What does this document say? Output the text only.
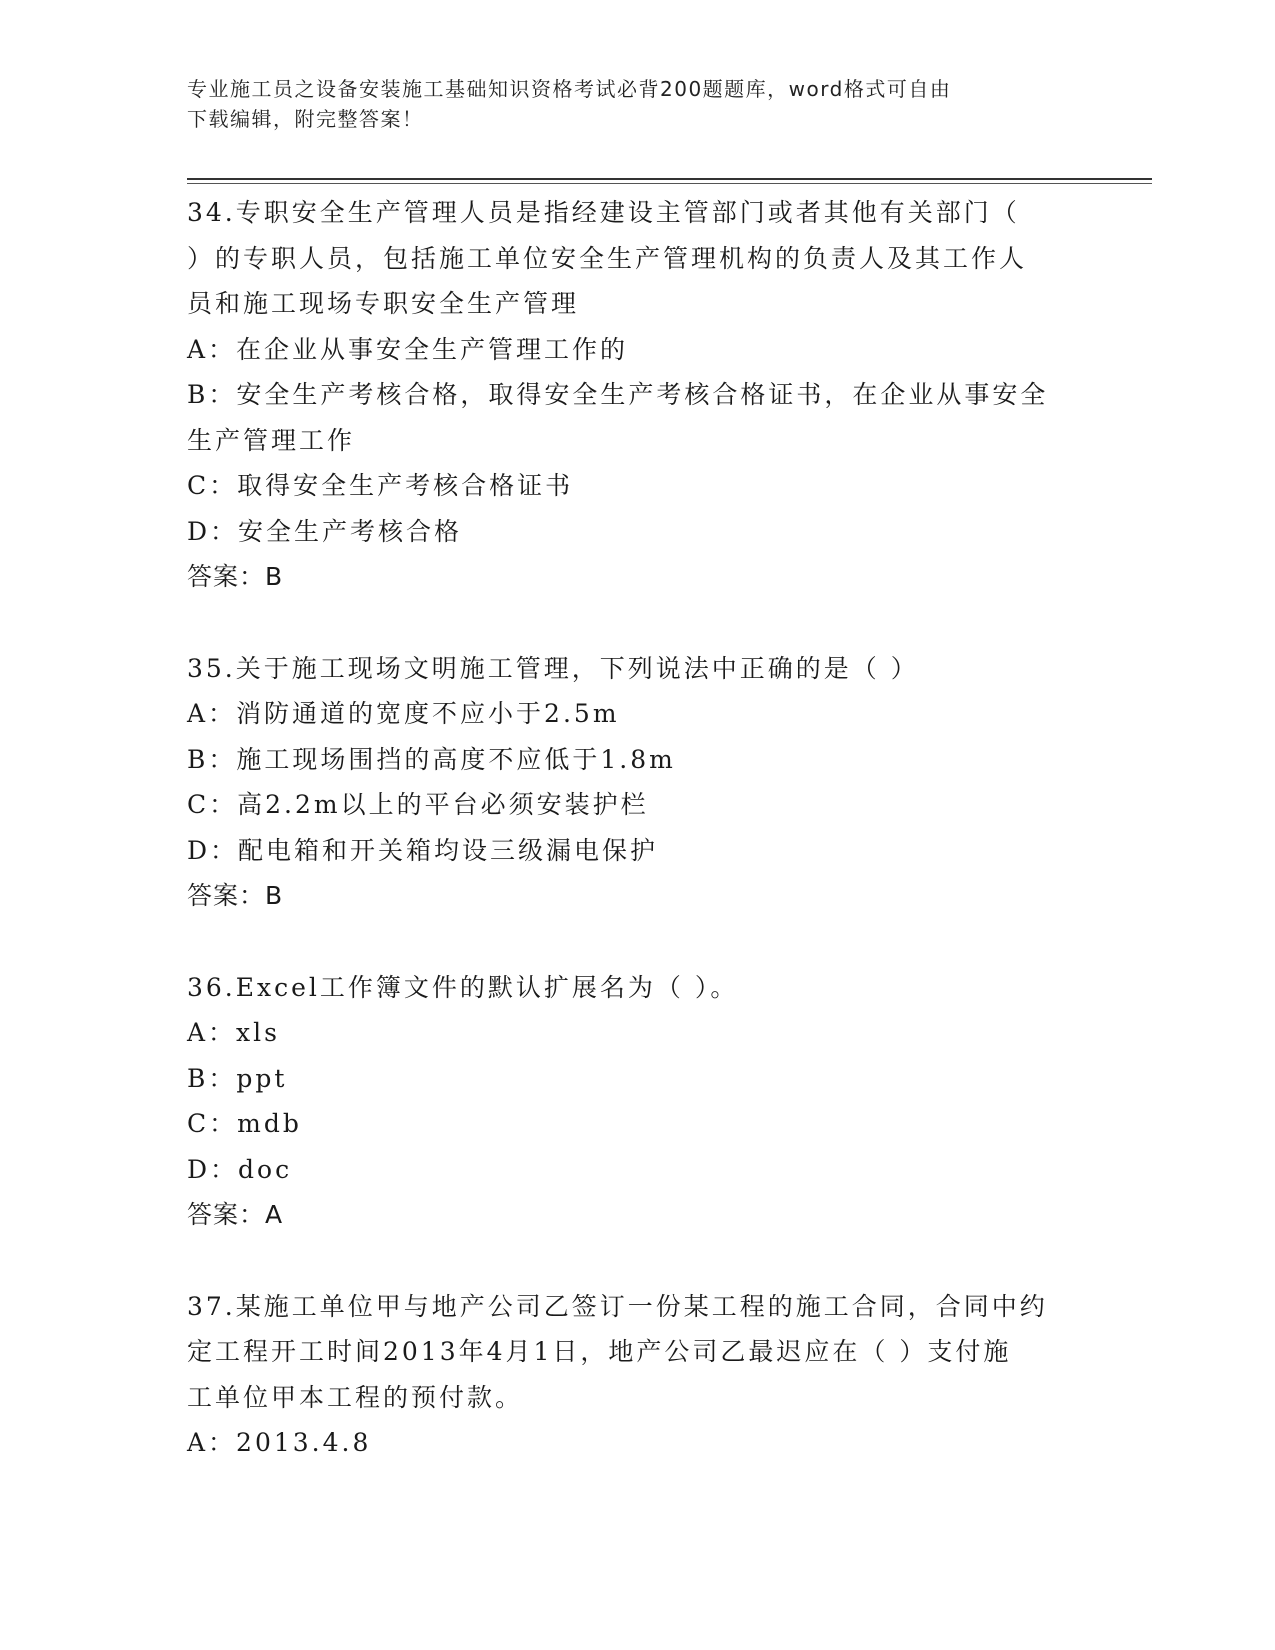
专业施工员之设备安装施工基础知识资格考试必背200题题库，word格式可自由
下载编辑，附完整答案！
34.专职安全生产管理人员是指经建设主管部门或者其他有关部门（
）的专职人员，包括施工单位安全生产管理机构的负责人及其工作人
员和施工现场专职安全生产管理
A：在企业从事安全生产管理工作的
B：安全生产考核合格，取得安全生产考核合格证书，在企业从事安全
生产管理工作
C：取得安全生产考核合格证书
D：安全生产考核合格
答案：B
35.关于施工现场文明施工管理，下列说法中正确的是（ ）
A：消防通道的宽度不应小于2.5m
B：施工现场围挡的高度不应低于1.8m
C：高2.2m以上的平台必须安装护栏
D：配电箱和开关箱均设三级漏电保护
答案：B
36.Excel工作簿文件的默认扩展名为（ ）。
A：xls
B：ppt
C：mdb
D：doc
答案：A
37.某施工单位甲与地产公司乙签订一份某工程的施工合同，合同中约
定工程开工时间2013年4月1日，地产公司乙最迟应在（ ）支付施
工单位甲本工程的预付款。
A：2013.4.8
